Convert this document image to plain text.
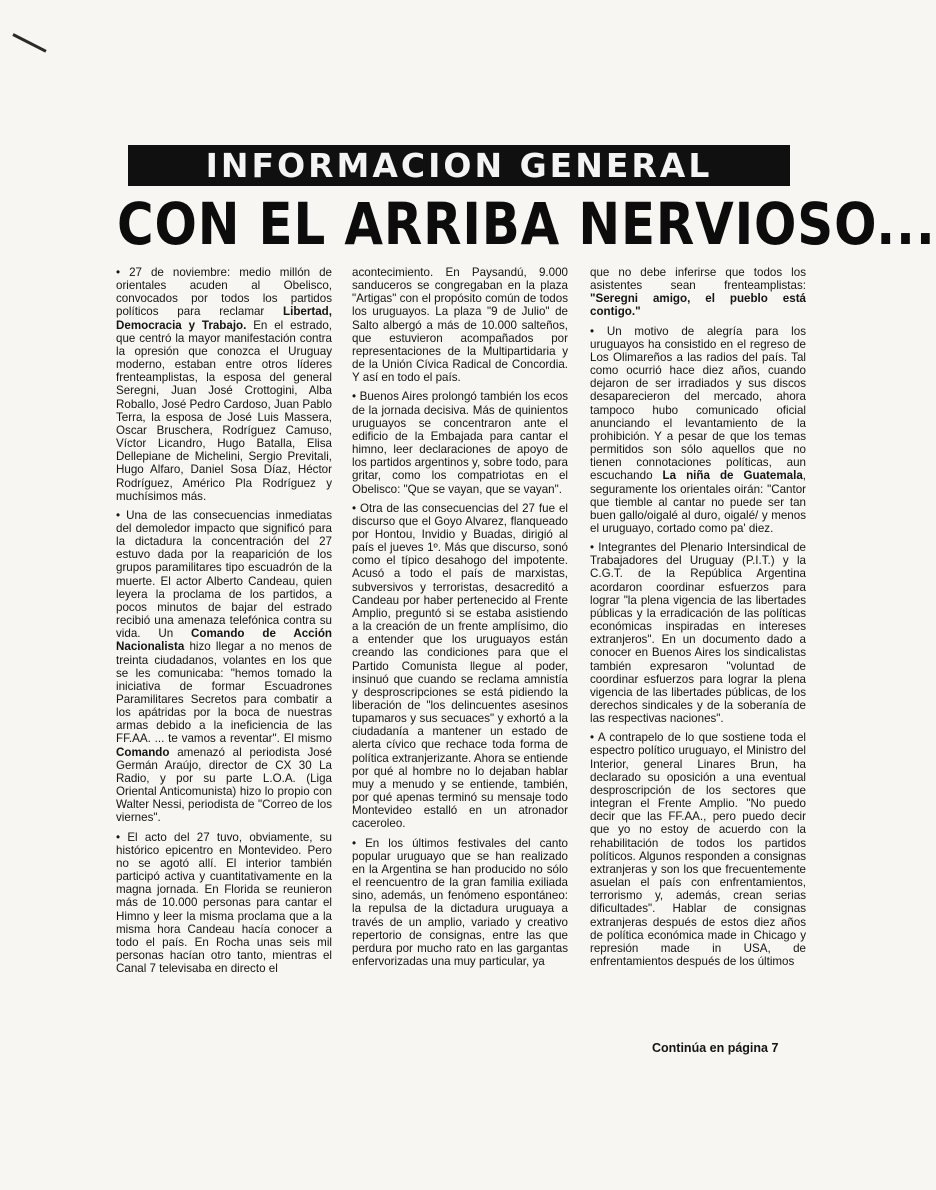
INFORMACION GENERAL
CON EL ARRIBA NERVIOSO...

• 27 de noviembre: medio millón de orientales acuden al Obelisco, convocados por todos los partidos políticos para reclamar Libertad, Democracia y Trabajo. En el estrado, que centró la mayor manifestación contra la opresión que conozca el Uruguay moderno, estaban entre otros líderes frenteamplistas, la esposa del general Seregni, Juan José Crottogini, Alba Roballo, José Pedro Cardoso, Juan Pablo Terra, la esposa de José Luis Massera, Oscar Bruschera, Rodríguez Camuso, Víctor Licandro, Hugo Batalla, Elisa Dellepiane de Michelini, Sergio Previtali, Hugo Alfaro, Daniel Sosa Díaz, Héctor Rodríguez, Américo Pla Rodríguez y muchísimos más.

• Una de las consecuencias inmediatas del demoledor impacto que significó para la dictadura la concentración del 27 estuvo dada por la reaparición de los grupos paramilitares tipo escuadrón de la muerte. El actor Alberto Candeau, quien leyera la proclama de los partidos, a pocos minutos de bajar del estrado recibió una amenaza telefónica contra su vida. Un Comando de Acción Nacionalista hizo llegar a no menos de treinta ciudadanos, volantes en los que se les comunicaba: "hemos tomado la iniciativa de formar Escuadrones Paramilitares Secretos para combatir a los apátridas por la boca de nuestras armas debido a la ineficiencia de las FF.AA. ... te vamos a reventar". El mismo Comando amenazó al periodista José Germán Araújo, director de CX 30 La Radio, y por su parte L.O.A. (Liga Oriental Anticomunista) hizo lo propio con Walter Nessi, periodista de "Correo de los viernes".

• El acto del 27 tuvo, obviamente, su histórico epicentro en Montevideo. Pero no se agotó allí. El interior también participó activa y cuantitativamente en la magna jornada. En Florida se reunieron más de 10.000 personas para cantar el Himno y leer la misma proclama que a la misma hora Candeau hacía conocer a todo el país. En Rocha unas seis mil personas hacían otro tanto, mientras el Canal 7 televisaba en directo el

acontecimiento. En Paysandú, 9.000 sanduceros se congregaban en la plaza "Artigas" con el propósito común de todos los uruguayos. La plaza "9 de Julio" de Salto albergó a más de 10.000 salteños, que estuvieron acompañados por representaciones de la Multipartidaria y de la Unión Cívica Radical de Concordia. Y así en todo el país.

• Buenos Aires prolongó también los ecos de la jornada decisiva. Más de quinientos uruguayos se concentraron ante el edificio de la Embajada para cantar el himno, leer declaraciones de apoyo de los partidos argentinos y, sobre todo, para gritar, como los compatriotas en el Obelisco: "Que se vayan, que se vayan".

• Otra de las consecuencias del 27 fue el discurso que el Goyo Alvarez, flanqueado por Hontou, Invidio y Buadas, dirigió al país el jueves 1º. Más que discurso, sonó como el típico desahogo del impotente. Acusó a todo el país de marxistas, subversivos y terroristas, desacreditó a Candeau por haber pertenecido al Frente Amplio, preguntó si se estaba asistiendo a la creación de un frente amplísimo, dio a entender que los uruguayos están creando las condiciones para que el Partido Comunista llegue al poder, insinuó que cuando se reclama amnistía y desproscripciones se está pidiendo la liberación de "los delincuentes asesinos tupamaros y sus secuaces" y exhortó a la ciudadanía a mantener un estado de alerta cívico que rechace toda forma de política extranjerizante. Ahora se entiende por qué al hombre no lo dejaban hablar muy a menudo y se entiende, también, por qué apenas terminó su mensaje todo Montevideo estalló en un atronador caceroleo.

• En los últimos festivales del canto popular uruguayo que se han realizado en la Argentina se han producido no sólo el reencuentro de la gran familia exiliada sino, además, un fenómeno espontáneo: la repulsa de la dictadura uruguaya a través de un amplio, variado y creativo repertorio de consignas, entre las que perdura por mucho rato en las gargantas enfervorizadas una muy particular, ya

que no debe inferirse que todos los asistentes sean frenteamplistas: "Seregni amigo, el pueblo está contigo."

• Un motivo de alegría para los uruguayos ha consistido en el regreso de Los Olimareños a las radios del país. Tal como ocurrió hace diez años, cuando dejaron de ser irradiados y sus discos desaparecieron del mercado, ahora tampoco hubo comunicado oficial anunciando el levantamiento de la prohibición. Y a pesar de que los temas permitidos son sólo aquellos que no tienen connotaciones políticas, aun escuchando La niña de Guatemala, seguramente los orientales oirán: "Cantor que tiemble al cantar no puede ser tan buen gallo/oigalé al duro, oigalé/ y menos el uruguayo, cortado como pa' diez.

• Integrantes del Plenario Intersindical de Trabajadores del Uruguay (P.I.T.) y la C.G.T. de la República Argentina acordaron coordinar esfuerzos para lograr "la plena vigencia de las libertades públicas y la erradicación de las políticas económicas inspiradas en intereses extranjeros". En un documento dado a conocer en Buenos Aires los sindicalistas también expresaron "voluntad de coordinar esfuerzos para lograr la plena vigencia de las libertades públicas, de los derechos sindicales y de la soberanía de las respectivas naciones".

• A contrapelo de lo que sostiene toda el espectro político uruguayo, el Ministro del Interior, general Linares Brun, ha declarado su oposición a una eventual desproscripción de los sectores que integran el Frente Amplio. "No puedo decir que las FF.AA., pero puedo decir que yo no estoy de acuerdo con la rehabilitación de todos los partidos políticos. Algunos responden a consignas extranjeras y son los que frecuentemente asuelan el país con enfrentamientos, terrorismo y, además, crean serias dificultades". Hablar de consignas extranjeras después de estos diez años de política económica made in Chicago y represión made in USA, de enfrentamientos después de los últimos

Continúa en página 7
